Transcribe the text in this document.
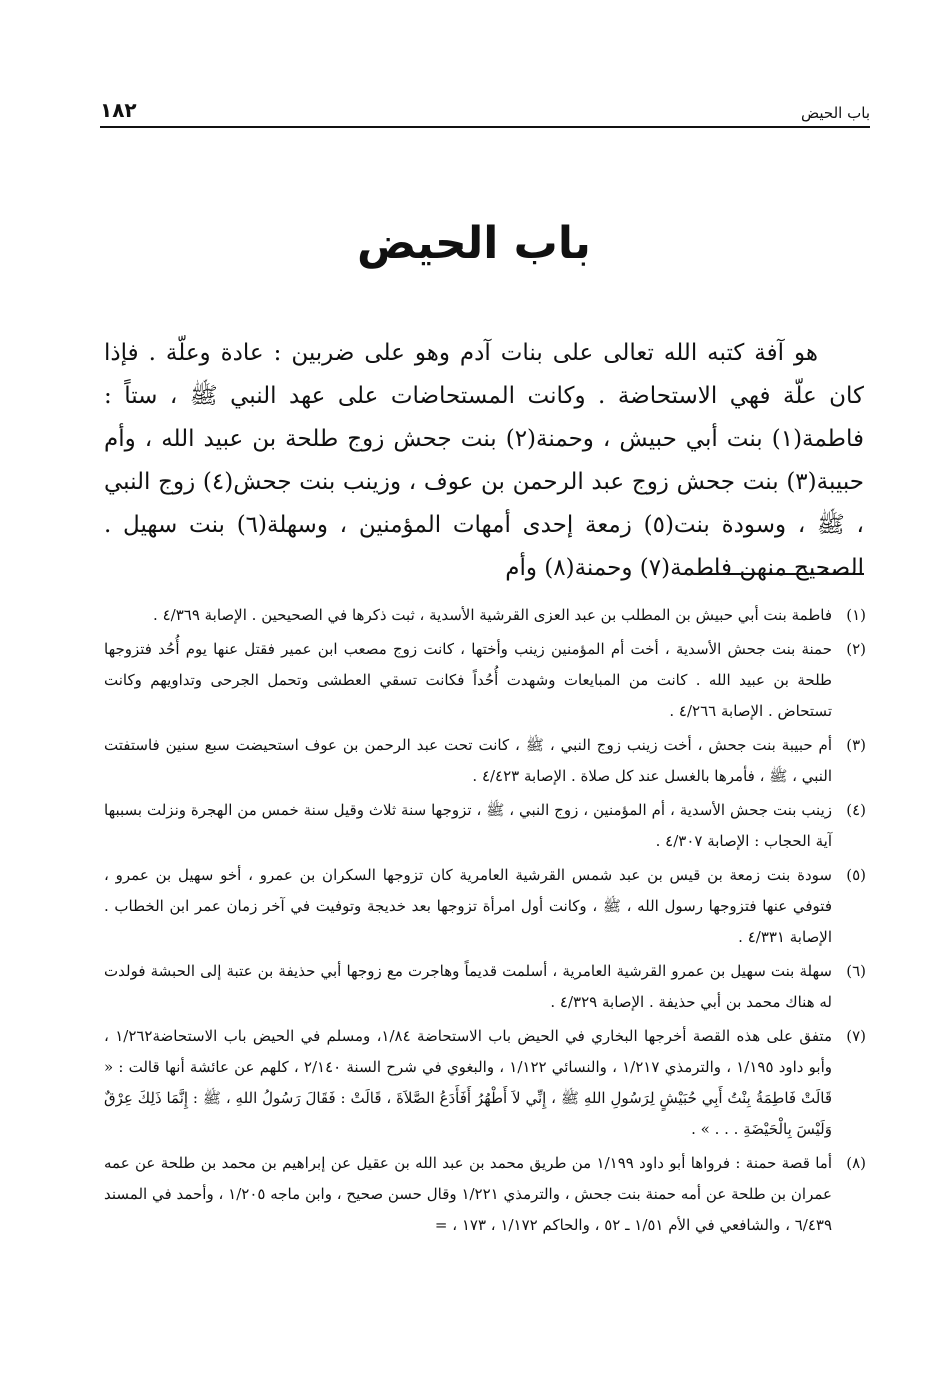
باب الحيض
١٨٢
باب الحيض

هو آفة كتبه الله تعالى على بنات آدم وهو على ضربين : عادة وعلّة . فإذا كان علّة فهي الاستحاضة . وكانت المستحاضات على عهد النبي ﷺ ، ستاً : فاطمة(١) بنت أبي حبيش ، وحمنة(٢) بنت جحش زوج طلحة بن عبيد الله ، وأم حبيبة(٣) بنت جحش زوج عبد الرحمن بن عوف ، وزينب بنت جحش(٤) زوج النبي ، ﷺ ، وسودة بنت(٥) زمعة إحدى أمهات المؤمنين ، وسهلة(٦) بنت سهيل . الصحيح منهن فاطمة(٧) وحمنة(٨) وأم

(١)
فاطمة بنت أبي حبيش بن المطلب بن عبد العزى القرشية الأسدية ، ثبت ذكرها في الصحيحين . الإصابة ٤/٣٦٩ .
(٢)
حمنة بنت جحش الأسدية ، أخت أم المؤمنين زينب وأختها ، كانت زوج مصعب ابن عمير فقتل عنها يوم أُحُد فتزوجها طلحة بن عبيد الله . كانت من المبايعات وشهدت أُحُداً فكانت تسقي العطشى وتحمل الجرحى وتداويهم وكانت تستحاض . الإصابة ٤/٢٦٦ .
(٣)
أم حبيبة بنت جحش ، أخت زينب زوج النبي ، ﷺ ، كانت تحت عبد الرحمن بن عوف استحيضت سبع سنين فاستفتت النبي ، ﷺ ، فأمرها بالغسل عند كل صلاة . الإصابة ٤/٤٢٣ .
(٤)
زينب بنت جحش الأسدية ، أم المؤمنين ، زوج النبي ، ﷺ ، تزوجها سنة ثلاث وقيل سنة خمس من الهجرة ونزلت بسببها آية الحجاب : الإصابة ٤/٣٠٧ .
(٥)
سودة بنت زمعة بن قيس بن عبد شمس القرشية العامرية كان تزوجها السكران بن عمرو ، أخو سهيل بن عمرو ، فتوفي عنها فتزوجها رسول الله ، ﷺ ، وكانت أول امرأة تزوجها بعد خديجة وتوفيت في آخر زمان عمر ابن الخطاب . الإصابة ٤/٣٣١ .
(٦)
سهلة بنت سهيل بن عمرو القرشية العامرية ، أسلمت قديماً وهاجرت مع زوجها أبي حذيفة بن عتبة إلى الحبشة فولدت له هناك محمد بن أبي حذيفة . الإصابة ٤/٣٢٩ .
(٧)
متفق على هذه القصة أخرجها البخاري في الحيض باب الاستحاضة ١/٨٤، ومسلم في الحيض باب الاستحاضة١/٢٦٢ ، وأبو داود ١/١٩٥ ، والترمذي ١/٢١٧ ، والنسائي ١/١٢٢ ، والبغوي في شرح السنة ٢/١٤٠ ، كلهم عن عائشة أنها قالت : « قَالَتْ فَاطِمَةُ بِنْتُ أَبِي حُبَيْشٍ لِرَسُولِ اللهِ ﷺ ، إِنِّي لاَ أَطْهُرُ أَفَأَدَعُ الصَّلاَةَ ، قَالَتْ : فَقَالَ رَسُولُ اللهِ ، ﷺ : إِنَّمَا ذَلِكَ عِرْقٌ وَلَيْسَ بِالْحَيْضَةِ . . . » .
(٨)
أما قصة حمنة : فرواها أبو داود ١/١٩٩ من طريق محمد بن عبد الله بن عقيل عن إبراهيم بن محمد بن طلحة عن عمه عمران بن طلحة عن أمه حمنة بنت جحش ، والترمذي ١/٢٢١ وقال حسن صحيح ، وابن ماجه ١/٢٠٥ ، وأحمد في المسند ٦/٤٣٩ ، والشافعي في الأم ١/٥١ ـ ٥٢ ، والحاكم ١/١٧٢ ، ١٧٣ ، =
